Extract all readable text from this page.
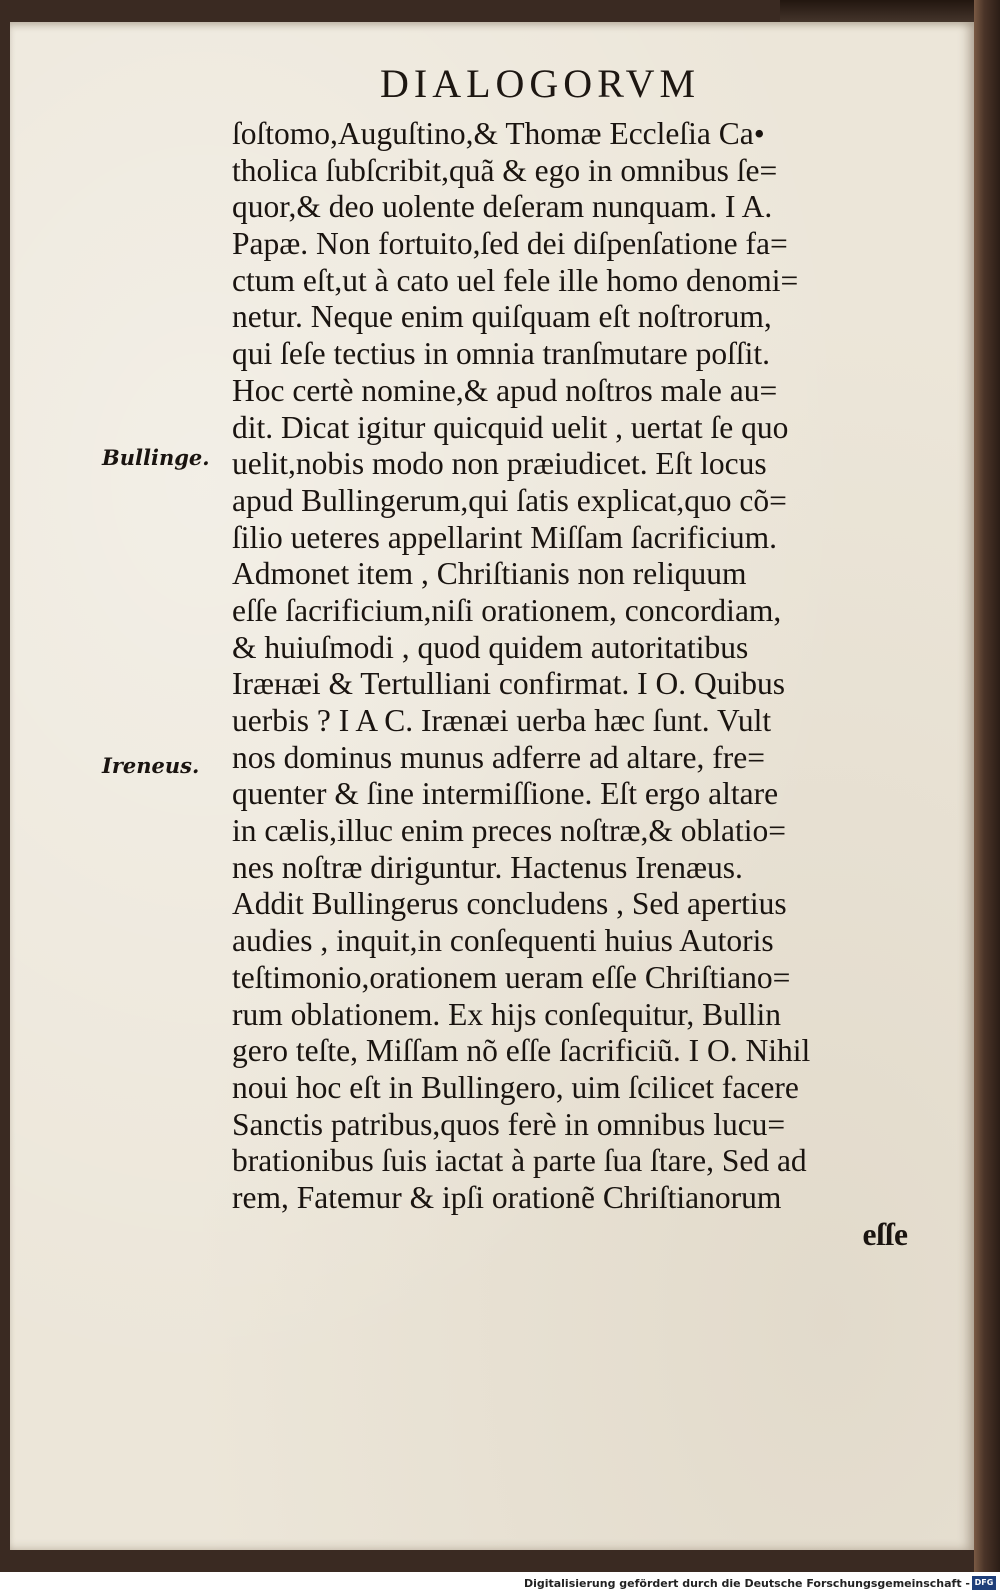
DIALOGORVM
Bullinge.
Ireneus.
ſoſtomo,Auguſtino,& Thomæ Eccleſia Ca•
tholica ſubſcribit,quã & ego in omnibus ſe=
quor,& deo uolente deſeram nunquam. I A.
Papæ. Non fortuito,ſed dei diſpenſatione fa=
ctum eſt,ut à cato uel fele ille homo denomi=
netur. Neque enim quiſquam eſt noſtrorum,
qui ſeſe tectius in omnia tranſmutare poſſit.
Hoc certè nomine,& apud noſtros male au=
dit. Dicat igitur quicquid uelit , uertat ſe quo
uelit,nobis modo non præiudicet. Eſt locus
apud Bullingerum,qui ſatis explicat,quo cõ=
ſilio ueteres appellarint Miſſam ſacrificium.
Admonet item , Chriſtianis non reliquum
eſſe ſacrificium,niſi orationem, concordiam,
& huiuſmodi , quod quidem autoritatibus
Iræнæi & Tertulliani confirmat. I O. Quibus
uerbis ? I A C. Irænæi uerba hæc ſunt. Vult
nos dominus munus adferre ad altare, fre=
quenter & ſine intermiſſione. Eſt ergo altare
in cælis,illuc enim preces noſtræ,& oblatio=
nes noſtræ diriguntur. Hactenus Irenæus.
Addit Bullingerus concludens , Sed apertius
audies , inquit,in conſequenti huius Autoris
teſtimonio,orationem ueram eſſe Chriſtiano=
rum oblationem. Ex hĳs conſequitur, Bullin
gero teſte, Miſſam nõ eſſe ſacrificiũ. I O. Nihil
noui hoc eſt in Bullingero, uim ſcilicet facere
Sanctis patribus,quos ferè in omnibus lucu=
brationibus ſuis iactat à parte ſua ſtare, Sed ad
rem, Fatemur & ipſi orationẽ Chriſtianorum
eſſe
Digitalisierung gefördert durch die Deutsche Forschungsgemeinschaft - DFG
